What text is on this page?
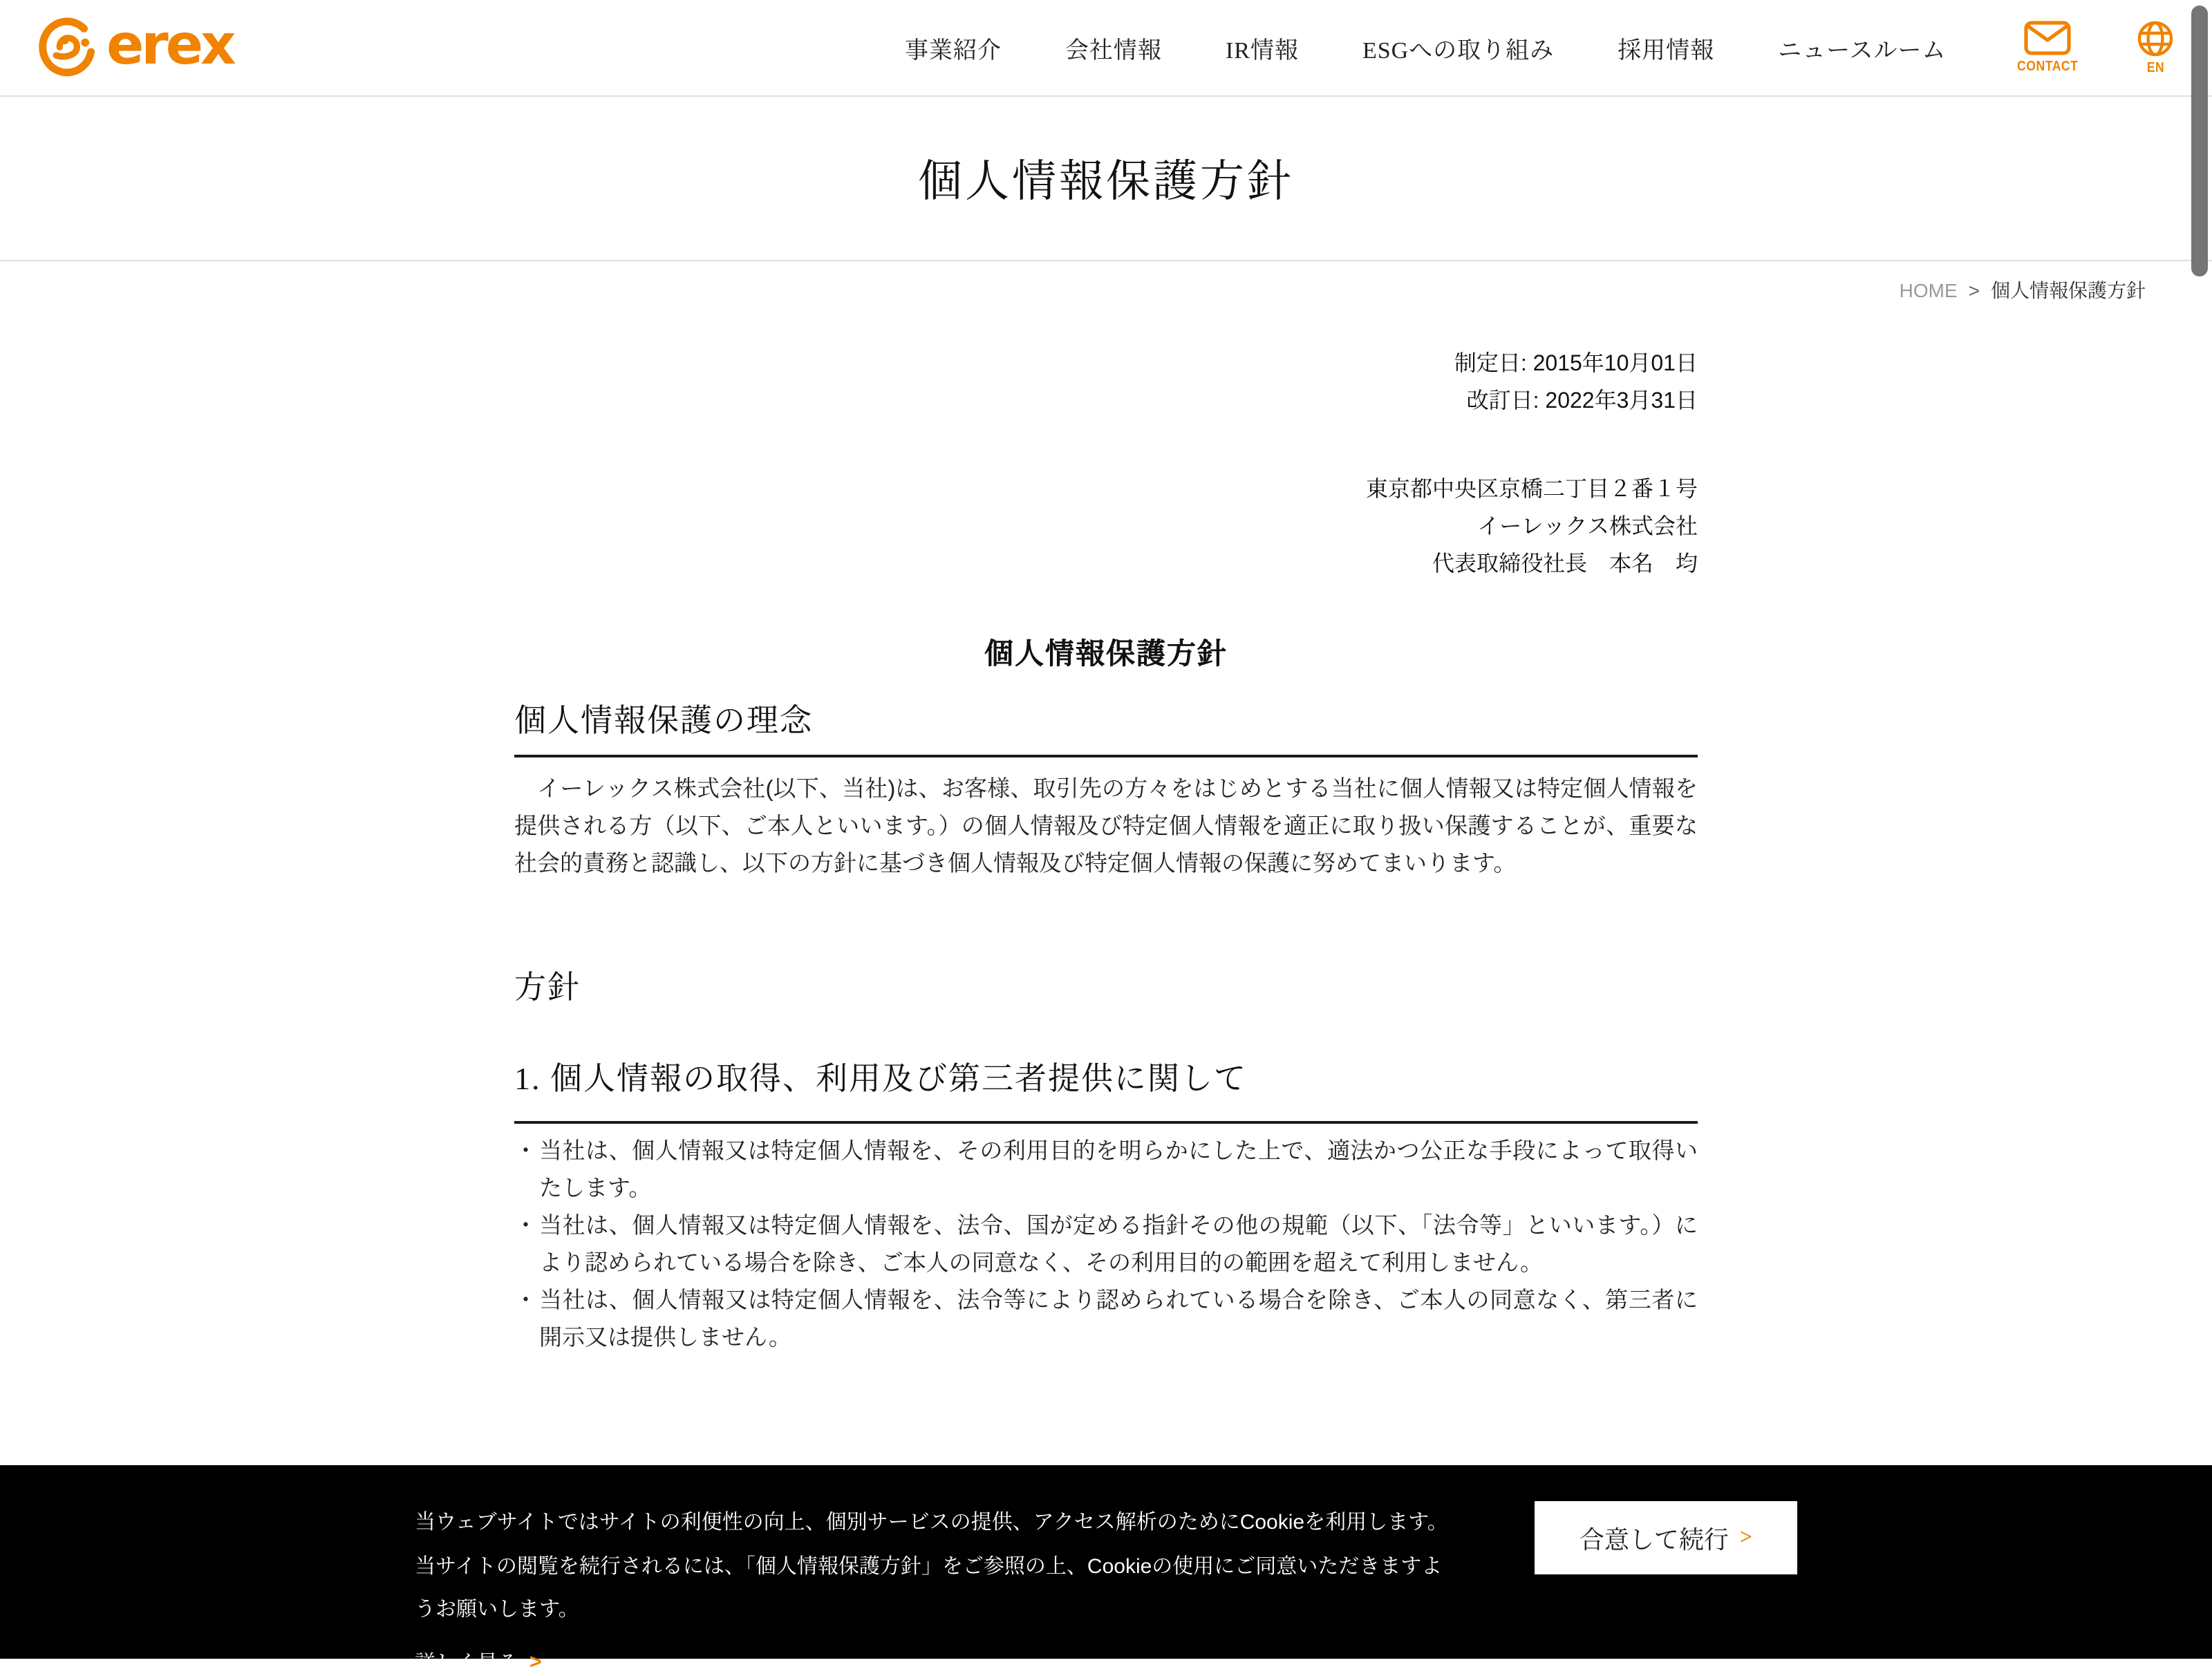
erex	事業紹介	会社情報	IR情報	ESGへの取り組み	採用情報	ニュースルーム
CONTACT	EN
個人情報保護方針
HOME > 個人情報保護方針
制定日: 2015年10月01日
改訂日: 2022年3月31日
東京都中央区京橋二丁目２番１号
イーレックス株式会社
代表取締役社長　本名　均
個人情報保護方針
個人情報保護の理念

　イーレックス株式会社(以下、当社)は、お客様、取引先の方々をはじめとする当社に個人情報又は特定個人情報を提供される方（以下、ご本人といいます。）の個人情報及び特定個人情報を適正に取り扱い保護することが、重要な社会的責務と認識し、以下の方針に基づき個人情報及び特定個人情報の保護に努めてまいります。

方針
1. 個人情報の取得、利用及び第三者提供に関して
・ 当社は、個人情報又は特定個人情報を、その利用目的を明らかにした上で、適法かつ公正な手段によって取得いたします。
・ 当社は、個人情報又は特定個人情報を、法令、国が定める指針その他の規範（以下、「法令等」といいます。）により認められている場合を除き、ご本人の同意なく、その利用目的の範囲を超えて利用しません。
・ 当社は、個人情報又は特定個人情報を、法令等により認められている場合を除き、ご本人の同意なく、第三者に開示又は提供しません。

当ウェブサイトではサイトの利便性の向上、個別サービスの提供、アクセス解析のためにCookieを利用します。当サイトの閲覧を続行されるには、「個人情報保護方針」をご参照の上、Cookieの使用にご同意いただきますようお願いします。

詳しく見る >
合意して続行 >
